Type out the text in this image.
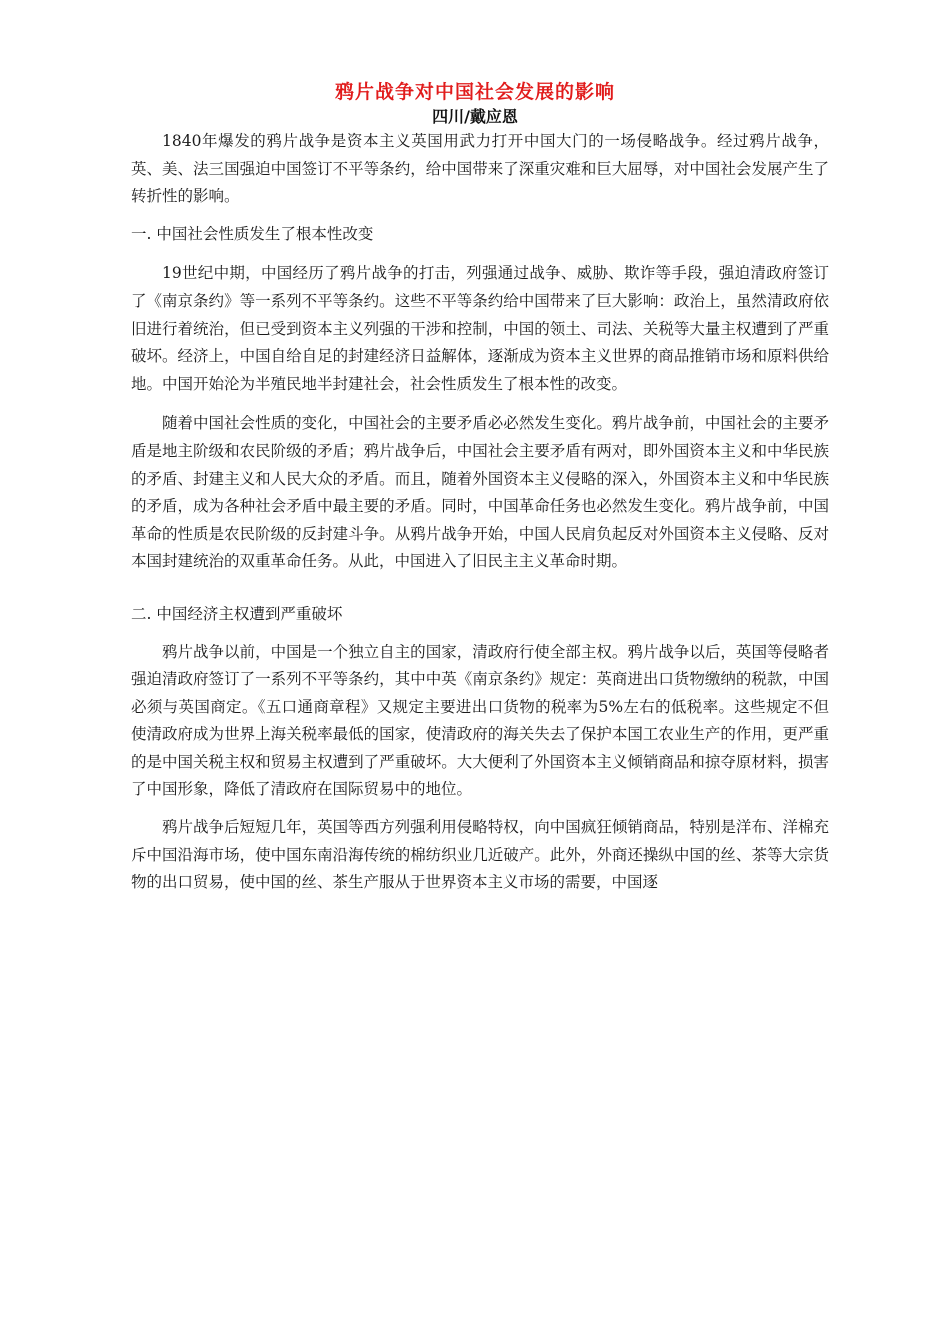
鸦片战争对中国社会发展的影响
四川/戴应恩

1840年爆发的鸦片战争是资本主义英国用武力打开中国大门的一场侵略战争。经过鸦片战争，英、美、法三国强迫中国签订不平等条约，给中国带来了深重灾难和巨大屈辱，对中国社会发展产生了转折性的影响。

一. 中国社会性质发生了根本性改变

19世纪中期，中国经历了鸦片战争的打击，列强通过战争、威胁、欺诈等手段，强迫清政府签订了《南京条约》等一系列不平等条约。这些不平等条约给中国带来了巨大影响：政治上，虽然清政府依旧进行着统治，但已受到资本主义列强的干涉和控制，中国的领土、司法、关税等大量主权遭到了严重破坏。经济上，中国自给自足的封建经济日益解体，逐渐成为资本主义世界的商品推销市场和原料供给地。中国开始沦为半殖民地半封建社会，社会性质发生了根本性的改变。

随着中国社会性质的变化，中国社会的主要矛盾必必然发生变化。鸦片战争前，中国社会的主要矛盾是地主阶级和农民阶级的矛盾；鸦片战争后，中国社会主要矛盾有两对，即外国资本主义和中华民族的矛盾、封建主义和人民大众的矛盾。而且，随着外国资本主义侵略的深入，外国资本主义和中华民族的矛盾，成为各种社会矛盾中最主要的矛盾。同时，中国革命任务也必然发生变化。鸦片战争前，中国革命的性质是农民阶级的反封建斗争。从鸦片战争开始，中国人民肩负起反对外国资本主义侵略、反对本国封建统治的双重革命任务。从此，中国进入了旧民主主义革命时期。

二. 中国经济主权遭到严重破坏

鸦片战争以前，中国是一个独立自主的国家，清政府行使全部主权。鸦片战争以后，英国等侵略者强迫清政府签订了一系列不平等条约，其中中英《南京条约》规定：英商进出口货物缴纳的税款，中国必须与英国商定。《五口通商章程》又规定主要进出口货物的税率为5%左右的低税率。这些规定不但使清政府成为世界上海关税率最低的国家，使清政府的海关失去了保护本国工农业生产的作用，更严重的是中国关税主权和贸易主权遭到了严重破坏。大大便利了外国资本主义倾销商品和掠夺原材料，损害了中国形象，降低了清政府在国际贸易中的地位。

鸦片战争后短短几年，英国等西方列强利用侵略特权，向中国疯狂倾销商品，特别是洋布、洋棉充斥中国沿海市场，使中国东南沿海传统的棉纺织业几近破产。此外，外商还操纵中国的丝、茶等大宗货物的出口贸易，使中国的丝、茶生产服从于世界资本主义市场的需要，中国逐
